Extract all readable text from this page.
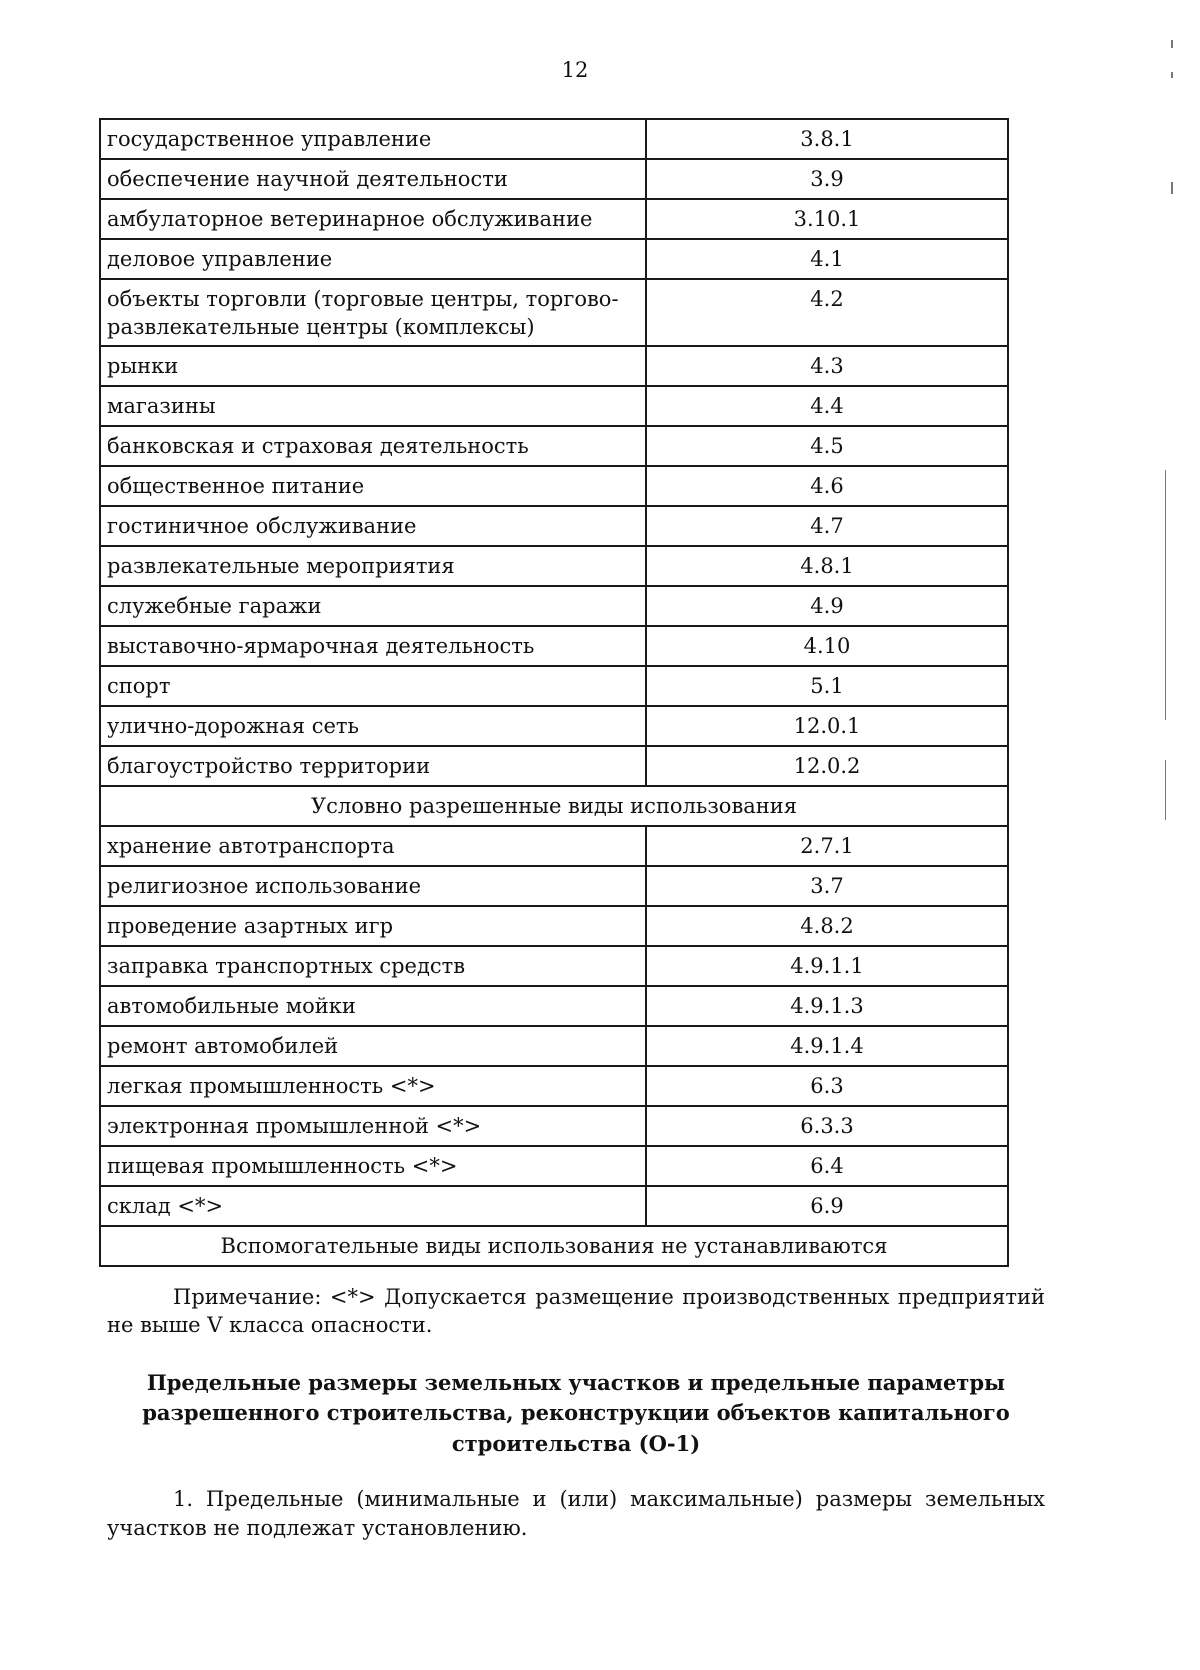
12
государственное управление	3.8.1
обеспечение научной деятельности	3.9
амбулаторное ветеринарное обслуживание	3.10.1
деловое управление	4.1
объекты торговли (торговые центры, торгово-развлекательные центры (комплексы)	4.2
рынки	4.3
магазины	4.4
банковская и страховая деятельность	4.5
общественное питание	4.6
гостиничное обслуживание	4.7
развлекательные мероприятия	4.8.1
служебные гаражи	4.9
выставочно-ярмарочная деятельность	4.10
спорт	5.1
улично-дорожная сеть	12.0.1
благоустройство территории	12.0.2
Условно разрешенные виды использования	
хранение автотранспорта	2.7.1
религиозное использование	3.7
проведение азартных игр	4.8.2
заправка транспортных средств	4.9.1.1
автомобильные мойки	4.9.1.3
ремонт автомобилей	4.9.1.4
легкая промышленность <*>	6.3
электронная промышленной <*>	6.3.3
пищевая промышленность <*>	6.4
склад <*>	6.9
Вспомогательные виды использования не устанавливаются	
Примечание: <*> Допускается размещение производственных предприятий не выше V класса опасности.
Предельные размеры земельных участков и предельные параметры
разрешенного строительства, реконструкции объектов капитального
строительства (О-1)
1. Предельные (минимальные и (или) максимальные) размеры земельных участков не подлежат установлению.
